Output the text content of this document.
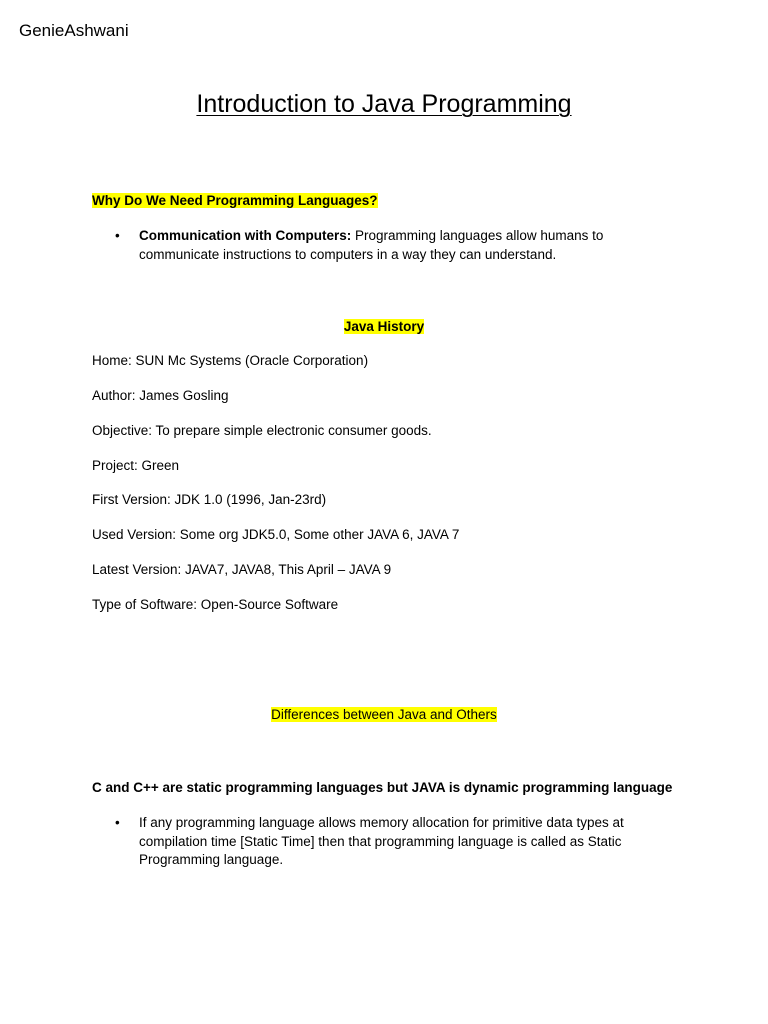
GenieAshwani
Introduction to Java Programming
Why Do We Need Programming Languages?
• Communication with Computers: Programming languages allow humans to communicate instructions to computers in a way they can understand.
Java History
Home: SUN Mc Systems (Oracle Corporation)
Author: James Gosling
Objective: To prepare simple electronic consumer goods.
Project: Green
First Version: JDK 1.0 (1996, Jan-23rd)
Used Version: Some org JDK5.0, Some other JAVA 6, JAVA 7
Latest Version: JAVA7, JAVA8, This April – JAVA 9
Type of Software: Open-Source Software
Differences between Java and Others
C and C++ are static programming languages but JAVA is dynamic programming language
• If any programming language allows memory allocation for primitive data types at compilation time [Static Time] then that programming language is called as Static Programming language.
